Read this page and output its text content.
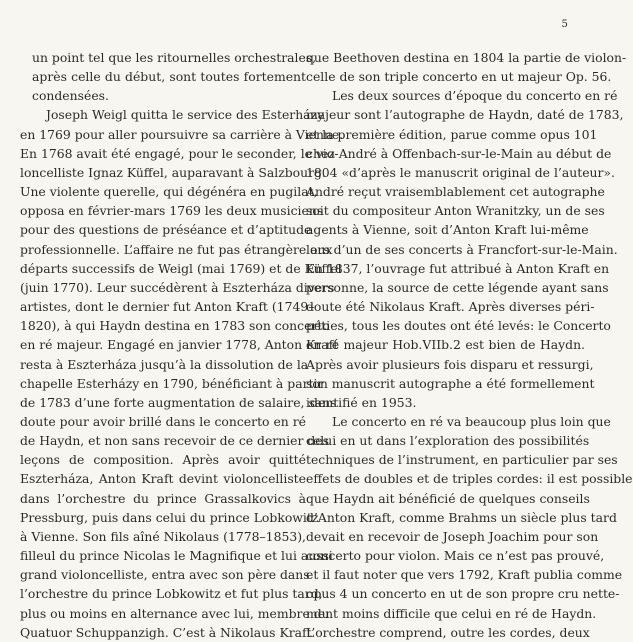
5
un point tel que les ritournelles orchestrales,
après celle du début, sont toutes fortement
condensées.
Joseph Weigl quitta le service des Esterházy
en 1769 pour aller poursuivre sa carrière à Vienne.
En 1768 avait été engagé, pour le seconder, le vio-
loncelliste Ignaz Küffel, auparavant à Salzbourg.
Une violente querelle, qui dégénéra en pugilat,
opposa en février-mars 1769 les deux musiciens
pour des questions de préséance et d’aptitude
professionnelle. L’affaire ne fut pas étrangère aux
départs successifs de Weigl (mai 1769) et de Küffel
(juin 1770). Leur succédèrent à Eszterháza divers
artistes, dont le dernier fut Anton Kraft (1749–
1820), à qui Haydn destina en 1783 son concerto
en ré majeur. Engagé en janvier 1778, Anton Kraft
resta à Eszterháza jusqu’à la dissolution de la
chapelle Esterházy en 1790, bénéficiant à partir
de 1783 d’une forte augmentation de salaire, sans
doute pour avoir brillé dans le concerto en ré
de Haydn, et non sans recevoir de ce dernier des
leçons de composition. Après avoir quitté
Eszterháza, Anton Kraft devint violoncelliste
dans l’orchestre du prince Grassalkovics à
Pressburg, puis dans celui du prince Lobkowitz
à Vienne. Son fils aîné Nikolaus (1778–1853),
filleul du prince Nicolas le Magnifique et lui aussi
grand violoncelliste, entra avec son père dans
l’orchestre du prince Lobkowitz et fut plus tard,
plus ou moins en alternance avec lui, membre du
Quatuor Schuppanzigh. C’est à Nikolaus Kraft
que Beethoven destina en 1804 la partie de violon-
celle de son triple concerto en ut majeur Op. 56.
Les deux sources d’époque du concerto en ré
majeur sont l’autographe de Haydn, daté de 1783,
et la première édition, parue comme opus 101
chez André à Offenbach-sur-le-Main au début de
1804 «d’après le manuscrit original de l’auteur».
André reçut vraisemblablement cet autographe
soit du compositeur Anton Wranitzky, un de ses
agents à Vienne, soit d’Anton Kraft lui-même
lors d’un de ses concerts à Francfort-sur-le-Main.
En 1837, l’ouvrage fut attribué à Anton Kraft en
personne, la source de cette légende ayant sans
doute été Nikolaus Kraft. Après diverses péri-
péties, tous les doutes ont été levés: le Concerto
en ré majeur Hob.VIIb.2 est bien de Haydn.
Après avoir plusieurs fois disparu et ressurgi,
son manuscrit autographe a été formellement
identifié en 1953.
Le concerto en ré va beaucoup plus loin que
celui en ut dans l’exploration des possibilités
techniques de l’instrument, en particulier par ses
effets de doubles et de triples cordes: il est possible
que Haydn ait bénéficié de quelques conseils
d’Anton Kraft, comme Brahms un siècle plus tard
devait en recevoir de Joseph Joachim pour son
concerto pour violon. Mais ce n’est pas prouvé,
et il faut noter que vers 1792, Kraft publia comme
opus 4 un concerto en ut de son propre cru nette-
ment moins difficile que celui en ré de Haydn.
L’orchestre comprend, outre les cordes, deux
